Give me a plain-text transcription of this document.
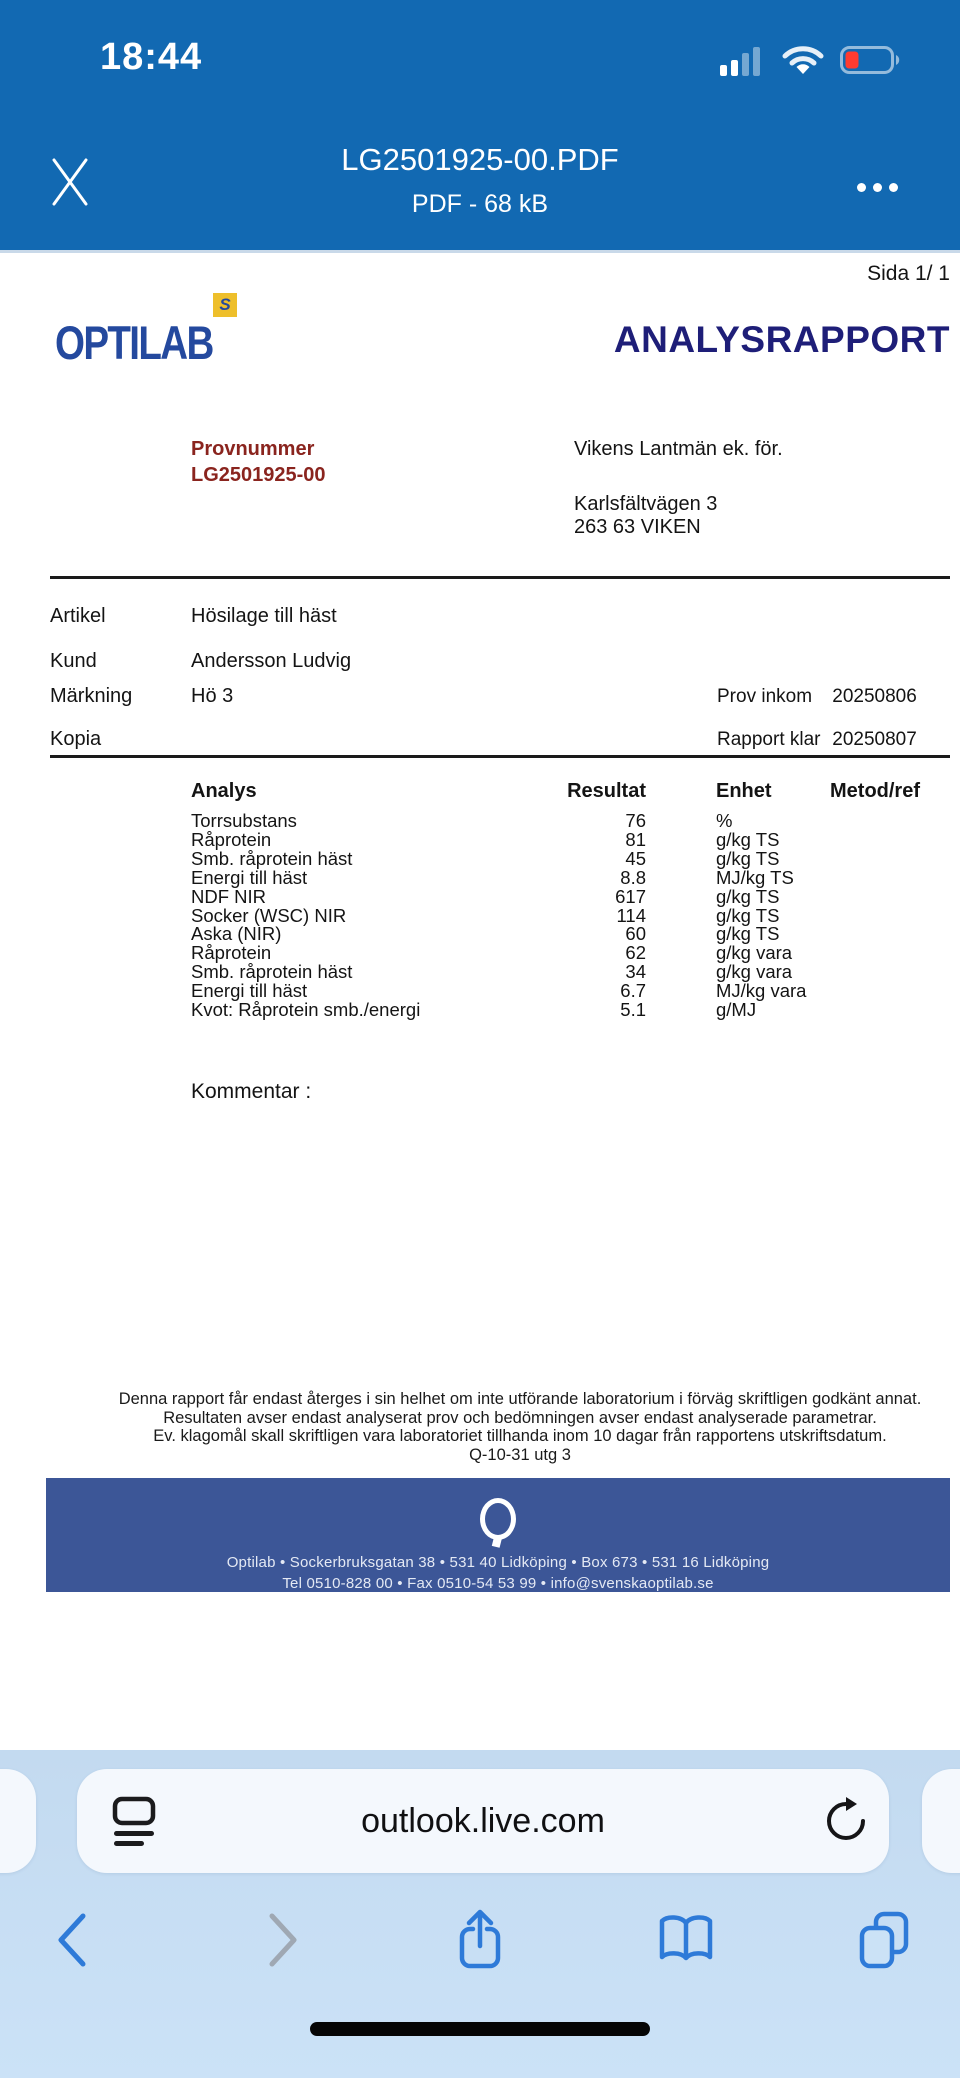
18:44
LG2501925-00.PDF
PDF - 68 kB
Sida 1/ 1
S
OPTILAB	ANALYSRAPPORT
Provnummer
LG2501925-00
Vikens Lantmän ek. för.
Karlsfältvägen 3
263 63 VIKEN
Artikel	Hösilage till häst
Kund	Andersson Ludvig
Märkning	Hö 3
Kopia
Prov inkom 20250806
Rapport klar 20250807
Analys	Resultat	Enhet	Metod/ref
Torrsubstans	76	%
Råprotein	81	g/kg TS
Smb. råprotein häst	45	g/kg TS
Energi till häst	8.8	MJ/kg TS
NDF NIR	617	g/kg TS
Socker (WSC) NIR	114	g/kg TS
Aska (NIR)	60	g/kg TS
Råprotein	62	g/kg vara
Smb. råprotein häst	34	g/kg vara
Energi till häst	6.7	MJ/kg vara
Kvot: Råprotein smb./energi	5.1	g/MJ
Kommentar :
Denna rapport får endast återges i sin helhet om inte utförande laboratorium i förväg skriftligen godkänt annat.
Resultaten avser endast analyserat prov och bedömningen avser endast analyserade parametrar.
Ev. klagomål skall skriftligen vara laboratoriet tillhanda inom 10 dagar från rapportens utskriftsdatum.
Q-10-31 utg 3
Optilab • Sockerbruksgatan 38 • 531 40 Lidköping • Box 673 • 531 16 Lidköping
Tel 0510-828 00 • Fax 0510-54 53 99 • info@svenskaoptilab.se
outlook.live.com
